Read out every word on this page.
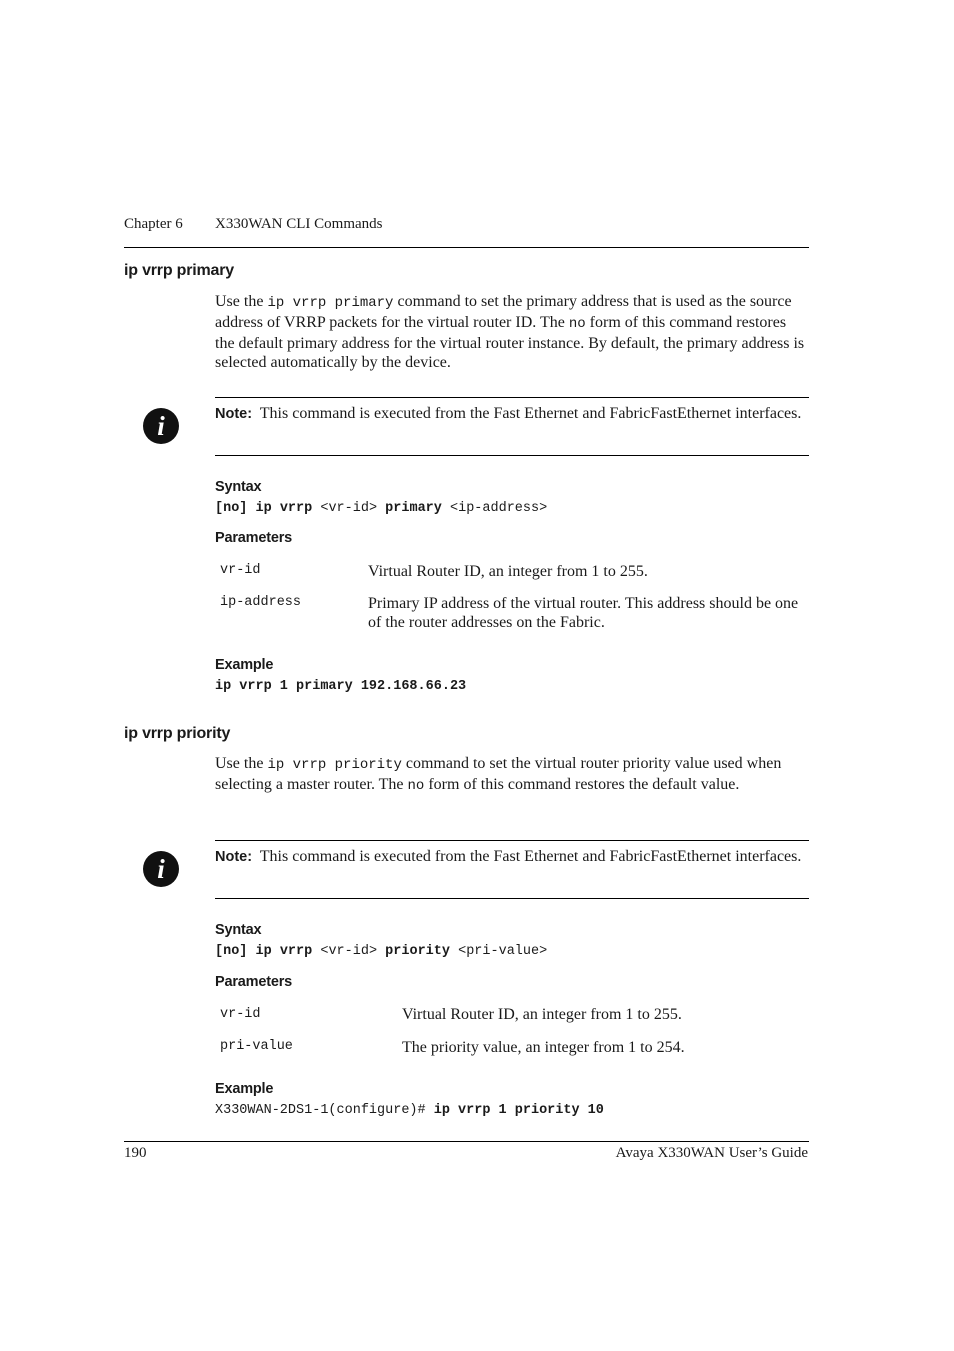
Chapter 6 X330WAN CLI Commands
ip vrrp primary
Use the ip vrrp primary command to set the primary address that is used as the source address of VRRP packets for the virtual router ID. The no form of this command restores the default primary address for the virtual router instance. By default, the primary address is selected automatically by the device.
i	Note: This command is executed from the Fast Ethernet and FabricFastEthernet interfaces.
Syntax
[no] ip vrrp <vr-id> primary <ip-address>
Parameters
vr-id	Virtual Router ID, an integer from 1 to 255.
ip-address	Primary IP address of the virtual router. This address should be one of the router addresses on the Fabric.
Example
ip vrrp 1 primary 192.168.66.23
ip vrrp priority
Use the ip vrrp priority command to set the virtual router priority value used when selecting a master router. The no form of this command restores the default value.
i	Note: This command is executed from the Fast Ethernet and FabricFastEthernet interfaces.
Syntax
[no] ip vrrp <vr-id> priority <pri-value>
Parameters
vr-id	Virtual Router ID, an integer from 1 to 255.
pri-value	The priority value, an integer from 1 to 254.
Example
X330WAN-2DS1-1(configure)# ip vrrp 1 priority 10
190	Avaya X330WAN User’s Guide
